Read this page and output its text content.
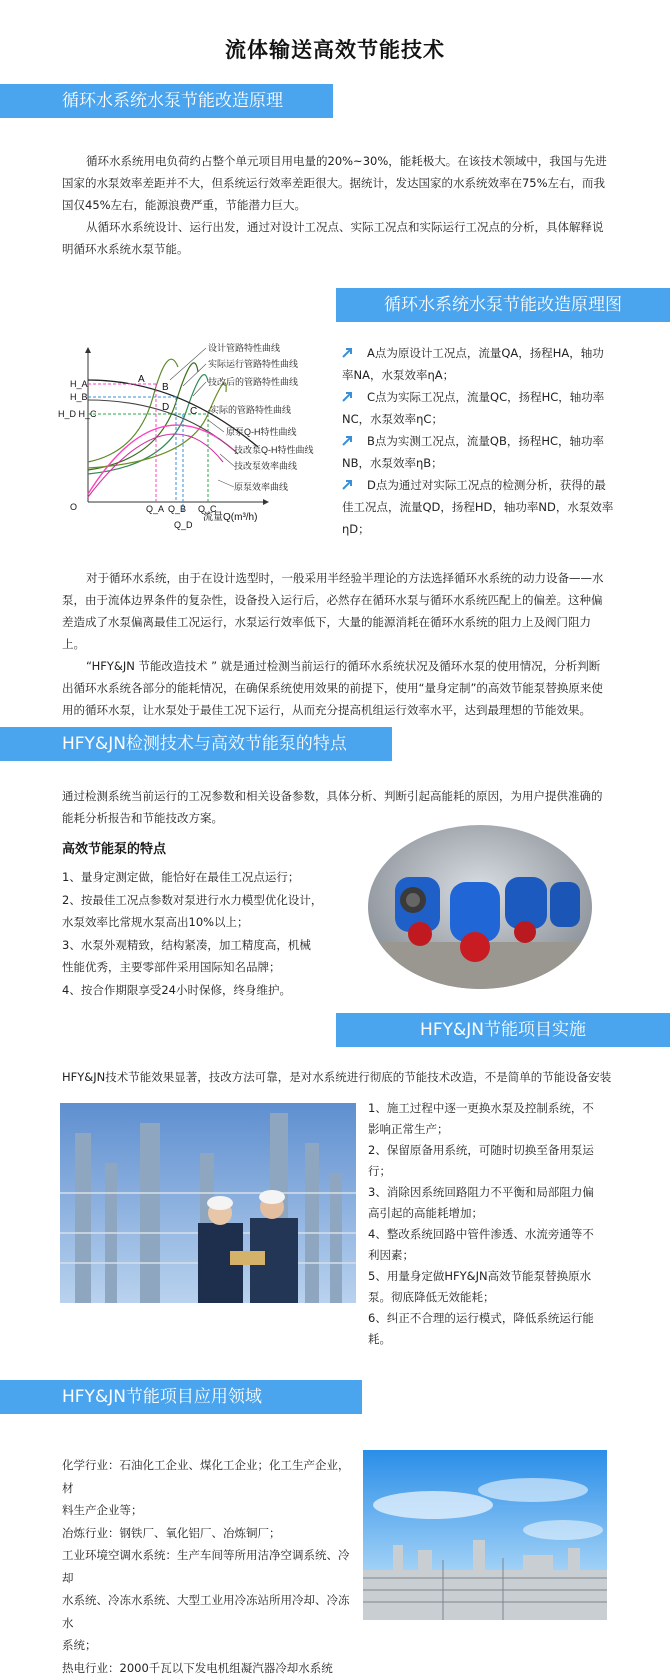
流体输送高效节能技术
循环水系统水泵节能改造原理

循环水系统用电负荷约占整个单元项目用电量的20%~30%，能耗极大。在该技术领域中，我国与先进国家的水泵效率差距并不大，但系统运行效率差距很大。据统计，发达国家的水系统效率在75%左右，而我国仅45%左右，能源浪费严重，节能潜力巨大。

从循环水系统设计、运行出发，通过对设计工况点、实际工况点和实际运行工况点的分析，具体解释说明循环水系统水泵节能。

循环水系统水泵节能改造原理图
设计管路特性曲线
实际运行管路特性曲线
技改后的管路特性曲线
实际的管路特性曲线
原泵Q-H特性曲线
技改泵Q-H特性曲线
技改泵效率曲线
原泵效率曲线
A
B
D C
H_A
H_B
H_D H_C
O	Q_A Q_B Q_C
Q_D
流量Q(m³/h)

A点为原设计工况点，流量QA，扬程HA，轴功率NA，水泵效率ηA；

C点为实际工况点，流量QC，扬程HC，轴功率NC，水泵效率ηC；

B点为实测工况点，流量QB，扬程HC，轴功率NB，水泵效率ηB；

D点为通过对实际工况点的检测分析，获得的最佳工况点，流量QD，扬程HD，轴功率ND，水泵效率ηD；

对于循环水系统，由于在设计选型时，一般采用半经验半理论的方法选择循环水系统的动力设备——水泵，由于流体边界条件的复杂性，设备投入运行后，必然存在循环水泵与循环水系统匹配上的偏差。这种偏差造成了水泵偏离最佳工况运行，水泵运行效率低下，大量的能源消耗在循环水系统的阻力上及阀门阻力上。

“HFY&JN 节能改造技术 ” 就是通过检测当前运行的循环水系统状况及循环水泵的使用情况，分析判断出循环水系统各部分的能耗情况，在确保系统使用效果的前提下，使用“量身定制”的高效节能泵替换原来使用的循环水泵，让水泵处于最佳工况下运行，从而充分提高机组运行效率水平，达到最理想的节能效果。

HFY&JN检测技术与高效节能泵的特点
通过检测系统当前运行的工况参数和相关设备参数，具体分析、判断引起高能耗的原因，为用户提供准确的能耗分析报告和节能技改方案。
高效节能泵的特点

1、量身定测定做，能恰好在最佳工况点运行；

2、按最佳工况点参数对泵进行水力模型优化设计，

水泵效率比常规水泵高出10%以上；

3、水泵外观精致，结构紧凑，加工精度高，机械

性能优秀，主要零部件采用国际知名品牌；

4、按合作期限享受24小时保修，终身维护。

HFY&JN节能项目实施
HFY&JN技术节能效果显著，技改方法可靠，是对水系统进行彻底的节能技术改造，不是简单的节能设备安装

1、施工过程中逐一更换水泵及控制系统，不

影响正常生产；

2、保留原备用系统，可随时切换至备用泵运

行；

3、消除因系统回路阻力不平衡和局部阻力偏

高引起的高能耗增加；

4、整改系统回路中管件渗透、水流旁通等不

利因素；

5、用量身定做HFY&JN高效节能泵替换原水

泵。彻底降低无效能耗；

6、纠正不合理的运行模式，降低系统运行能

耗。

HFY&JN节能项目应用领域

化学行业：石油化工企业、煤化工企业；化工生产企业，材

料生产企业等；

冶炼行业：钢铁厂、氧化铝厂、冶炼铜厂；

工业环境空调水系统：生产车间等所用洁净空调系统、冷却

水系统、冷冻水系统、大型工业用冷冻站所用冷却、冷冻水

系统；

热电行业：2000千瓦以下发电机组凝汽器冷却水系统
